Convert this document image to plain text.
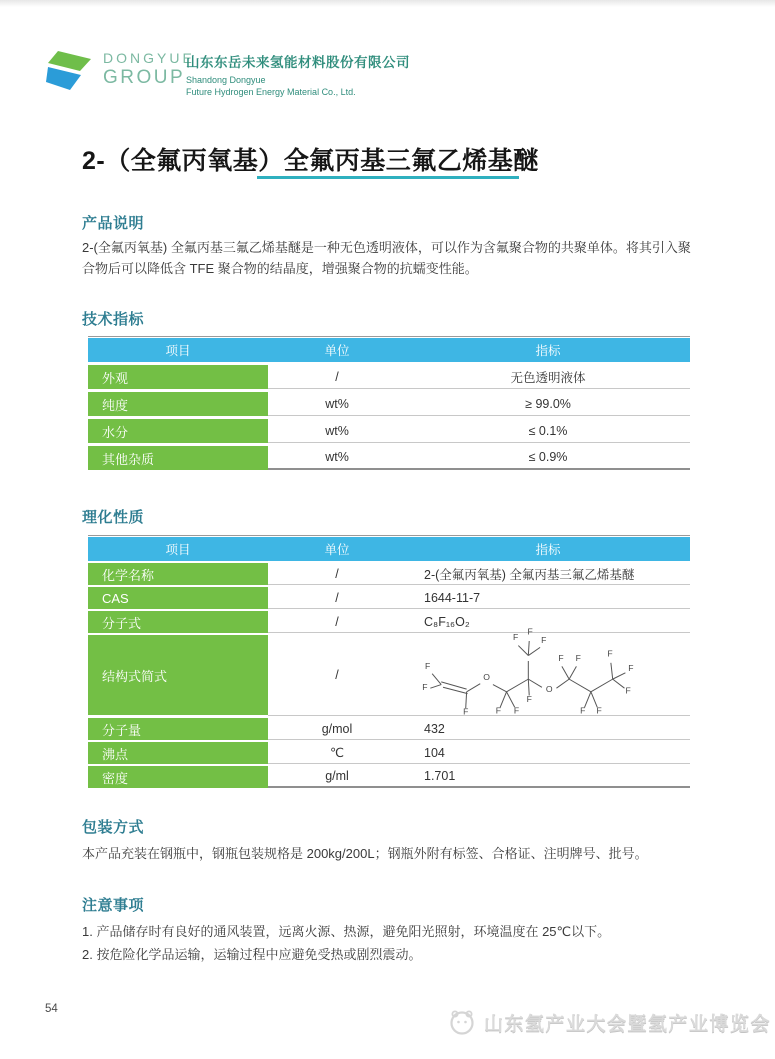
DONGYUE
GROUP
山东东岳未来氢能材料股份有限公司
Shandong Dongyue
Future Hydrogen Energy Material Co., Ltd.
2-（全氟丙氧基）全氟丙基三氟乙烯基醚
产品说明
2-(全氟丙氧基) 全氟丙基三氟乙烯基醚是一种无色透明液体，可以作为含氟聚合物的共聚单体。将其引入聚合物后可以降低含 TFE 聚合物的结晶度，增强聚合物的抗蠕变性能。
技术指标
项目	单位	指标
外观	/	无色透明液体
纯度	wt%	≥ 99.0%
水分	wt%	≤ 0.1%
其他杂质	wt%	≤ 0.9%
理化性质
项目	单位	指标
化学名称	/	2-(全氟丙氧基) 全氟丙基三氟乙烯基醚
CAS	/	1644-11-7
分子式	/	C₈F₁₆O₂
结构式简式	/
F
F
F
O
F F
F
F
F
F
O
F F
F F
F
F
F
分子量	g/mol	432
沸点	℃	104
密度	g/ml	1.701
包装方式
本产品充装在钢瓶中，钢瓶包装规格是 200kg/200L；钢瓶外附有标签、合格证、注明牌号、批号。
注意事项
1. 产品储存时有良好的通风装置，远离火源、热源，避免阳光照射，环境温度在 25℃以下。
2. 按危险化学品运输，运输过程中应避免受热或剧烈震动。
54
山东氢产业大会暨氢产业博览会
